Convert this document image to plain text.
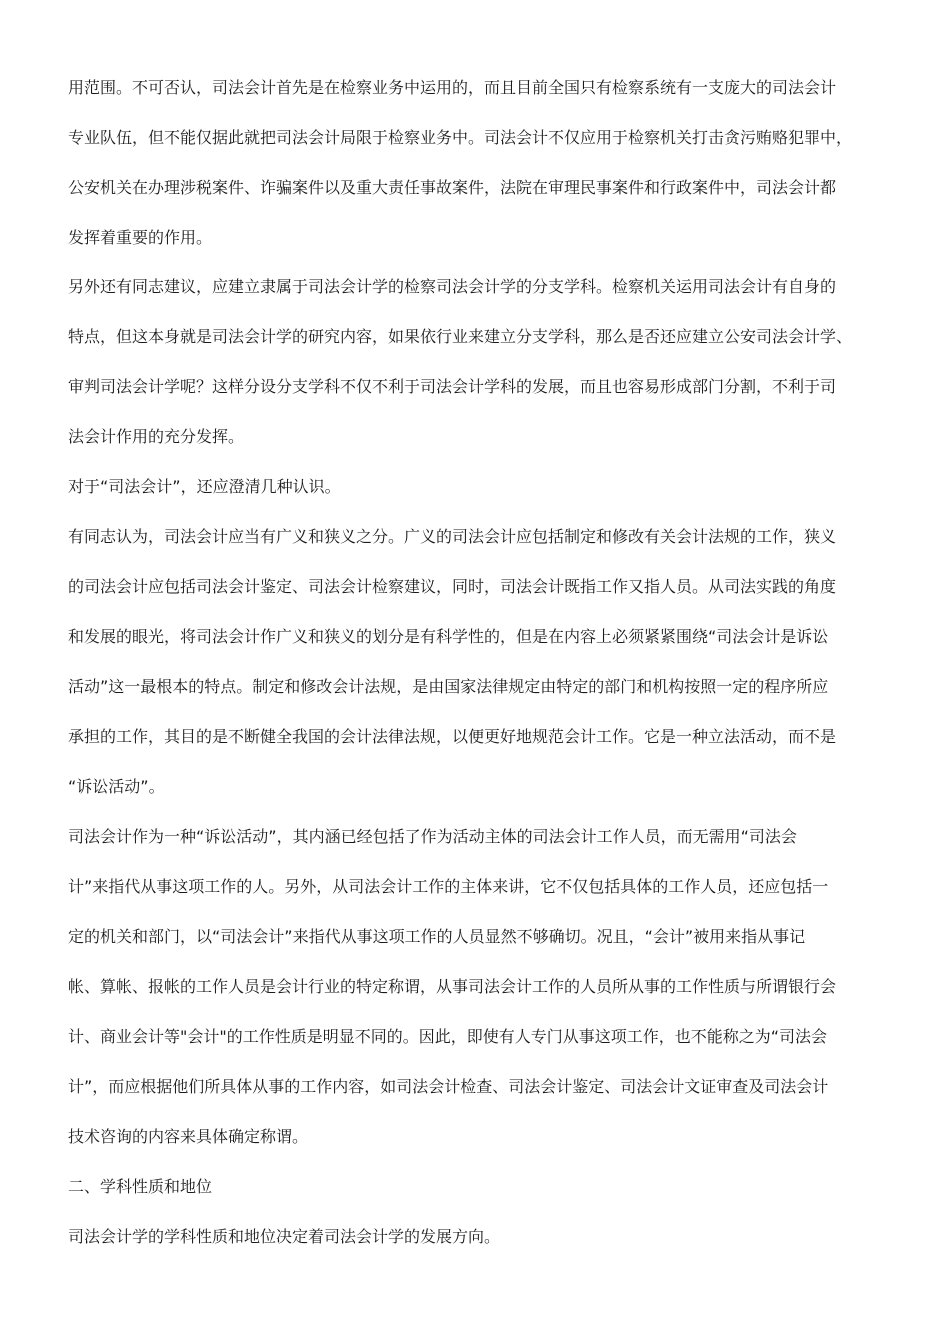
用范围。不可否认，司法会计首先是在检察业务中运用的，而且目前全国只有检察系统有一支庞大的司法会计
专业队伍，但不能仅据此就把司法会计局限于检察业务中。司法会计不仅应用于检察机关打击贪污贿赂犯罪中，
公安机关在办理涉税案件、诈骗案件以及重大责任事故案件，法院在审理民事案件和行政案件中，司法会计都
发挥着重要的作用。
另外还有同志建议，应建立隶属于司法会计学的检察司法会计学的分支学科。检察机关运用司法会计有自身的
特点，但这本身就是司法会计学的研究内容，如果依行业来建立分支学科，那么是否还应建立公安司法会计学、
审判司法会计学呢？这样分设分支学科不仅不利于司法会计学科的发展，而且也容易形成部门分割，不利于司
法会计作用的充分发挥。
对于“司法会计”，还应澄清几种认识。
有同志认为，司法会计应当有广义和狭义之分。广义的司法会计应包括制定和修改有关会计法规的工作，狭义
的司法会计应包括司法会计鉴定、司法会计检察建议，同时，司法会计既指工作又指人员。从司法实践的角度
和发展的眼光，将司法会计作广义和狭义的划分是有科学性的，但是在内容上必须紧紧围绕“司法会计是诉讼
活动”这一最根本的特点。制定和修改会计法规，是由国家法律规定由特定的部门和机构按照一定的程序所应
承担的工作，其目的是不断健全我国的会计法律法规，以便更好地规范会计工作。它是一种立法活动，而不是
“诉讼活动”。
司法会计作为一种“诉讼活动”，其内涵已经包括了作为活动主体的司法会计工作人员，而无需用“司法会
计”来指代从事这项工作的人。另外，从司法会计工作的主体来讲，它不仅包括具体的工作人员，还应包括一
定的机关和部门，以“司法会计”来指代从事这项工作的人员显然不够确切。况且，“会计”被用来指从事记
帐、算帐、报帐的工作人员是会计行业的特定称谓，从事司法会计工作的人员所从事的工作性质与所谓银行会
计、商业会计等"会计"的工作性质是明显不同的。因此，即使有人专门从事这项工作，也不能称之为“司法会
计”，而应根据他们所具体从事的工作内容，如司法会计检查、司法会计鉴定、司法会计文证审查及司法会计
技术咨询的内容来具体确定称谓。
二、学科性质和地位
司法会计学的学科性质和地位决定着司法会计学的发展方向。
